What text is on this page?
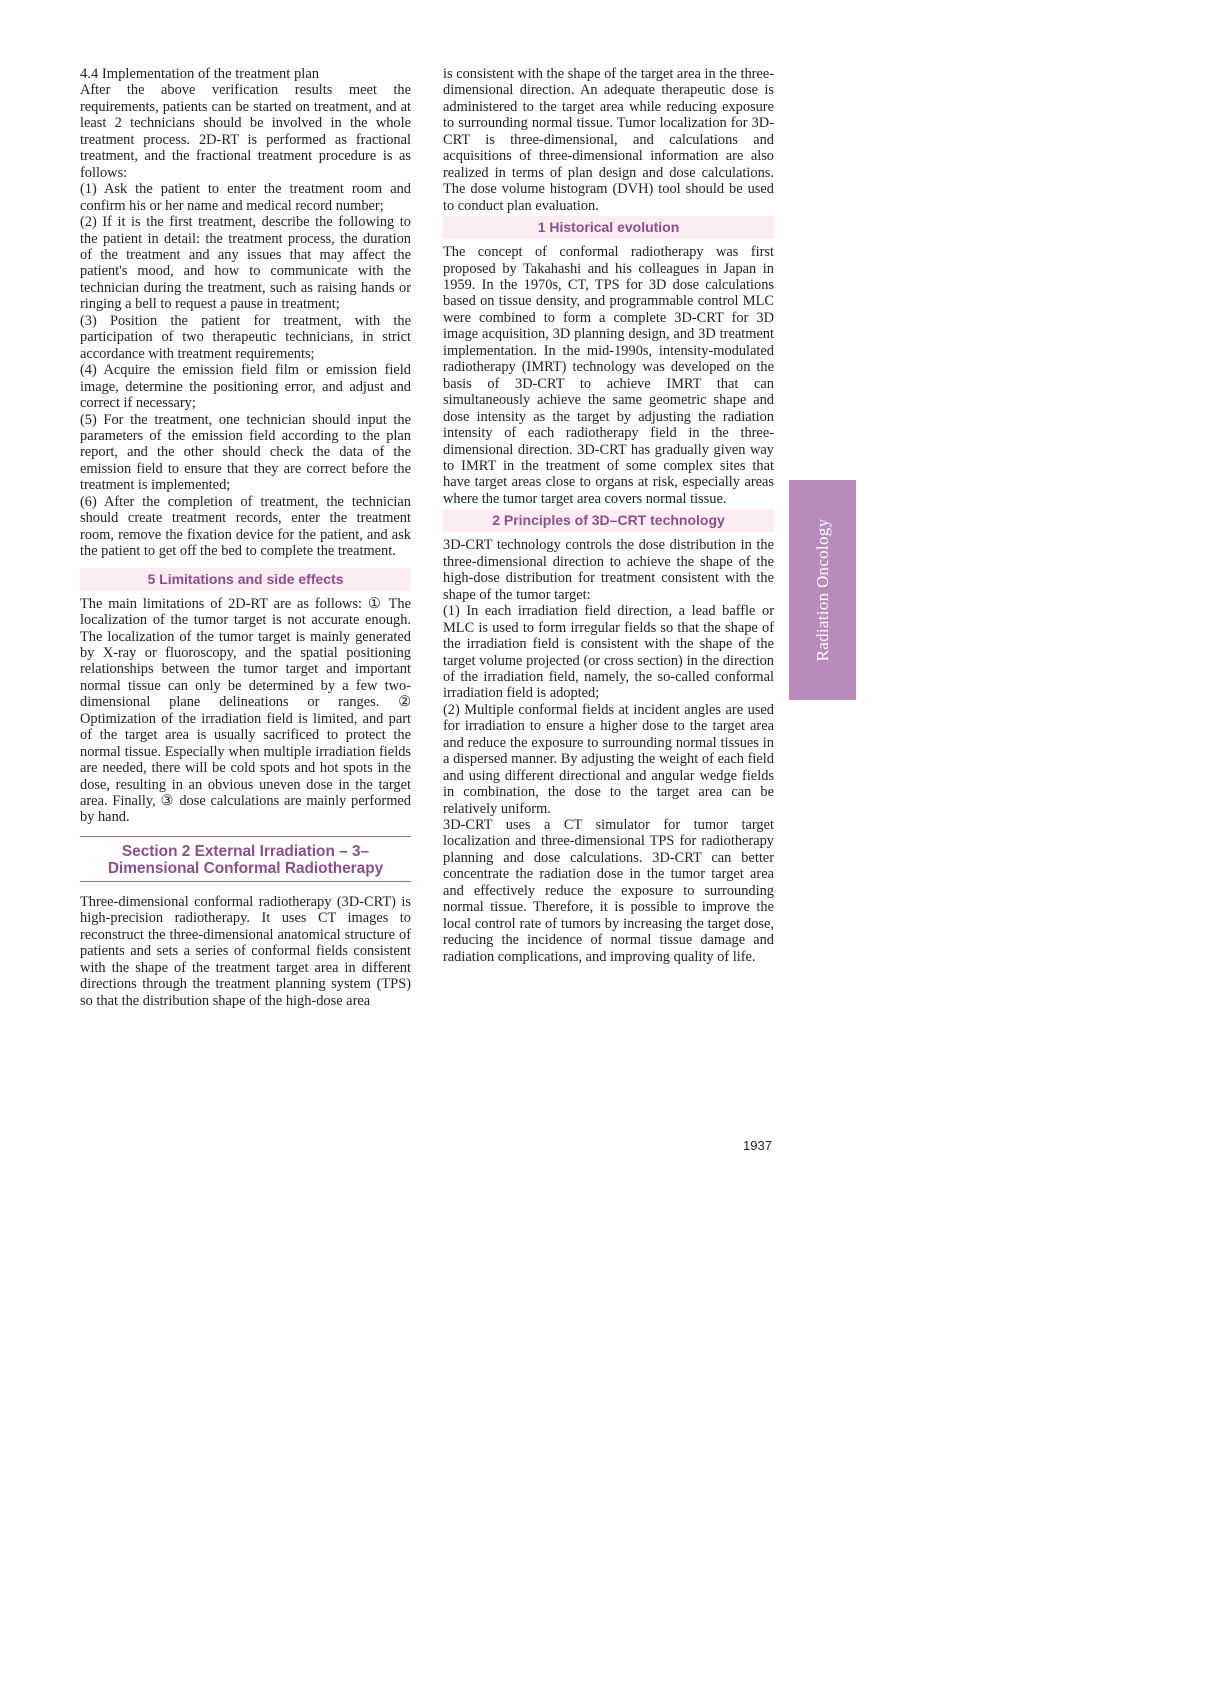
4.4 Implementation of the treatment plan

After the above verification results meet the requirements, patients can be started on treatment, and at least 2 technicians should be involved in the whole treatment process. 2D-RT is performed as fractional treatment, and the fractional treatment procedure is as follows:

(1) Ask the patient to enter the treatment room and confirm his or her name and medical record number;

(2) If it is the first treatment, describe the following to the patient in detail: the treatment process, the duration of the treatment and any issues that may affect the patient's mood, and how to communicate with the technician during the treatment, such as raising hands or ringing a bell to request a pause in treatment;

(3) Position the patient for treatment, with the participation of two therapeutic technicians, in strict accordance with treatment requirements;

(4) Acquire the emission field film or emission field image, determine the positioning error, and adjust and correct if necessary;

(5) For the treatment, one technician should input the parameters of the emission field according to the plan report, and the other should check the data of the emission field to ensure that they are correct before the treatment is implemented;

(6) After the completion of treatment, the technician should create treatment records, enter the treatment room, remove the fixation device for the patient, and ask the patient to get off the bed to complete the treatment.

5 Limitations and side effects

The main limitations of 2D-RT are as follows: ① The localization of the tumor target is not accurate enough. The localization of the tumor target is mainly generated by X-ray or fluoroscopy, and the spatial positioning relationships between the tumor target and important normal tissue can only be determined by a few two-dimensional plane delineations or ranges. ② Optimization of the irradiation field is limited, and part of the target area is usually sacrificed to protect the normal tissue. Especially when multiple irradiation fields are needed, there will be cold spots and hot spots in the dose, resulting in an obvious uneven dose in the target area. Finally, ③ dose calculations are mainly performed by hand.

Section 2 External Irradiation – 3–
Dimensional Conformal Radiotherapy

Three-dimensional conformal radiotherapy (3D-CRT) is high-precision radiotherapy. It uses CT images to reconstruct the three-dimensional anatomical structure of patients and sets a series of conformal fields consistent with the shape of the treatment target area in different directions through the treatment planning system (TPS) so that the distribution shape of the high-dose area

is consistent with the shape of the target area in the three-dimensional direction. An adequate therapeutic dose is administered to the target area while reducing exposure to surrounding normal tissue. Tumor localization for 3D-CRT is three-dimensional, and calculations and acquisitions of three-dimensional information are also realized in terms of plan design and dose calculations. The dose volume histogram (DVH) tool should be used to conduct plan evaluation.

1 Historical evolution

The concept of conformal radiotherapy was first proposed by Takahashi and his colleagues in Japan in 1959. In the 1970s, CT, TPS for 3D dose calculations based on tissue density, and programmable control MLC were combined to form a complete 3D-CRT for 3D image acquisition, 3D planning design, and 3D treatment implementation. In the mid-1990s, intensity-modulated radiotherapy (IMRT) technology was developed on the basis of 3D-CRT to achieve IMRT that can simultaneously achieve the same geometric shape and dose intensity as the target by adjusting the radiation intensity of each radiotherapy field in the three-dimensional direction. 3D-CRT has gradually given way to IMRT in the treatment of some complex sites that have target areas close to organs at risk, especially areas where the tumor target area covers normal tissue.

2 Principles of 3D–CRT technology

3D-CRT technology controls the dose distribution in the three-dimensional direction to achieve the shape of the high-dose distribution for treatment consistent with the shape of the tumor target:

(1) In each irradiation field direction, a lead baffle or MLC is used to form irregular fields so that the shape of the irradiation field is consistent with the shape of the target volume projected (or cross section) in the direction of the irradiation field, namely, the so-called conformal irradiation field is adopted;

(2) Multiple conformal fields at incident angles are used for irradiation to ensure a higher dose to the target area and reduce the exposure to surrounding normal tissues in a dispersed manner. By adjusting the weight of each field and using different directional and angular wedge fields in combination, the dose to the target area can be relatively uniform.

3D-CRT uses a CT simulator for tumor target localization and three-dimensional TPS for radiotherapy planning and dose calculations. 3D-CRT can better concentrate the radiation dose in the tumor target area and effectively reduce the exposure to surrounding normal tissue. Therefore, it is possible to improve the local control rate of tumors by increasing the target dose, reducing the incidence of normal tissue damage and radiation complications, and improving quality of life.

Radiation Oncology
1937
